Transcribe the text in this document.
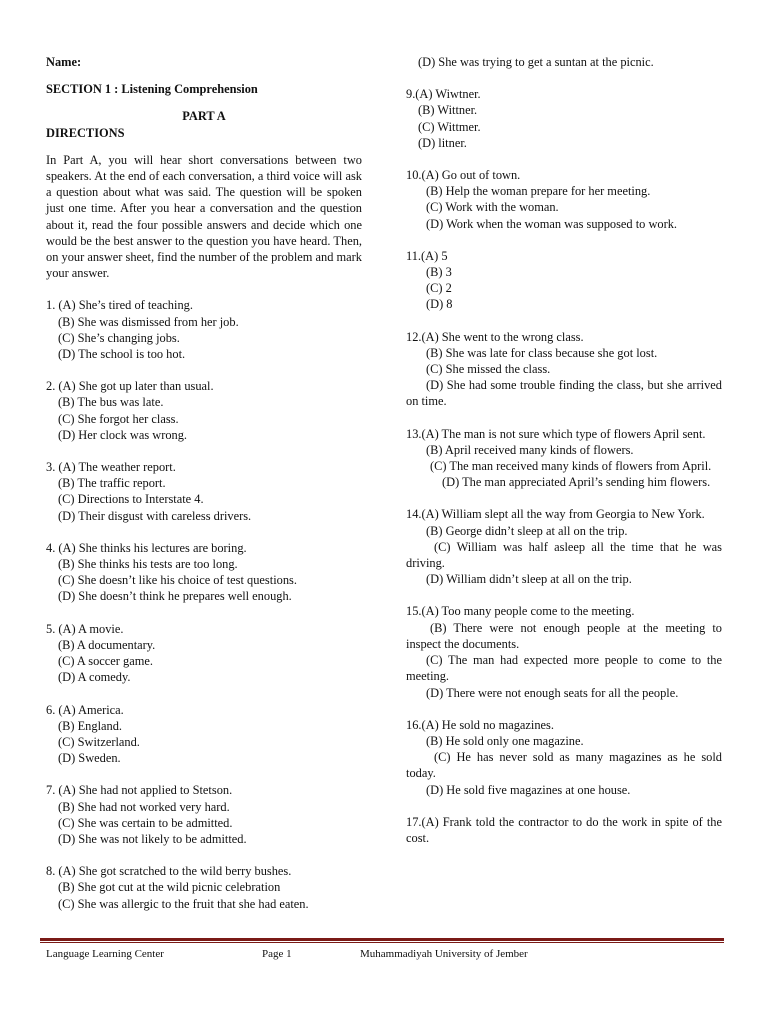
Name:

SECTION 1 : Listening Comprehension

PART A

DIRECTIONS

In Part A, you will hear short conversations between two speakers. At the end of each conversation, a third voice will ask a question about what was said. The question will be spoken just one time. After you hear a conversation and the question about it, read the four possible answers and decide which one would be the best answer to the question you have heard. Then, on your answer sheet, find the number of the problem and mark your answer.

1. (A) She’s tired of teaching.

(B) She was dismissed from her job.

(C) She’s changing jobs.

(D) The school is too hot.

2. (A) She got up later than usual.

(B) The bus was late.

(C) She forgot her class.

(D) Her clock was wrong.

3. (A) The weather report.

(B) The traffic report.

(C) Directions to Interstate 4.

(D) Their disgust with careless drivers.

4. (A) She thinks his lectures are boring.

(B) She thinks his tests are too long.

(C) She doesn’t like his choice of test questions.

(D) She doesn’t think he prepares well enough.

5. (A) A movie.

(B) A documentary.

(C) A soccer game.

(D) A comedy.

6. (A) America.

(B) England.

(C) Switzerland.

(D) Sweden.

7. (A) She had not applied to Stetson.

(B) She had not worked very hard.

(C) She was certain to be admitted.

(D) She was not likely to be admitted.

8. (A) She got scratched to the wild berry bushes.

(B) She got cut at the wild picnic celebration

(C) She was allergic to the fruit that she had eaten.

(D) She was trying to get a suntan at the picnic.

9.(A) Wiwtner.

(B) Wittner.

(C) Wittmer.

(D) litner.

10.(A) Go out of town.

(B) Help the woman prepare for her meeting.

(C) Work with the woman.

(D) Work when the woman was supposed to work.

11.(A) 5

(B) 3

(C) 2

(D) 8

12.(A) She went to the wrong class.

(B) She was late for class because she got lost.

(C) She missed the class.

(D) She had some trouble finding the class, but she arrived on time.

13.(A) The man is not sure which type of flowers April sent.

(B) April received many kinds of flowers.

(C) The man received many kinds of flowers from April.

(D) The man appreciated April’s sending him flowers.

14.(A) William slept all the way from Georgia to New York.

(B) George didn’t sleep at all on the trip.

(C) William was half asleep all the time that he was driving.

(D) William didn’t sleep at all on the trip.

15.(A) Too many people come to the meeting.

(B) There were not enough people at the meeting to inspect the documents.

(C) The man had expected more people to come to the meeting.

(D) There were not enough seats for all the people.

16.(A) He sold no magazines.

(B) He sold only one magazine.

(C) He has never sold as many magazines as he sold today.

(D) He sold five magazines at one house.

17.(A) Frank told the contractor to do the work in spite of the cost.

Language Learning Center	Page 1	Muhammadiyah University of Jember
